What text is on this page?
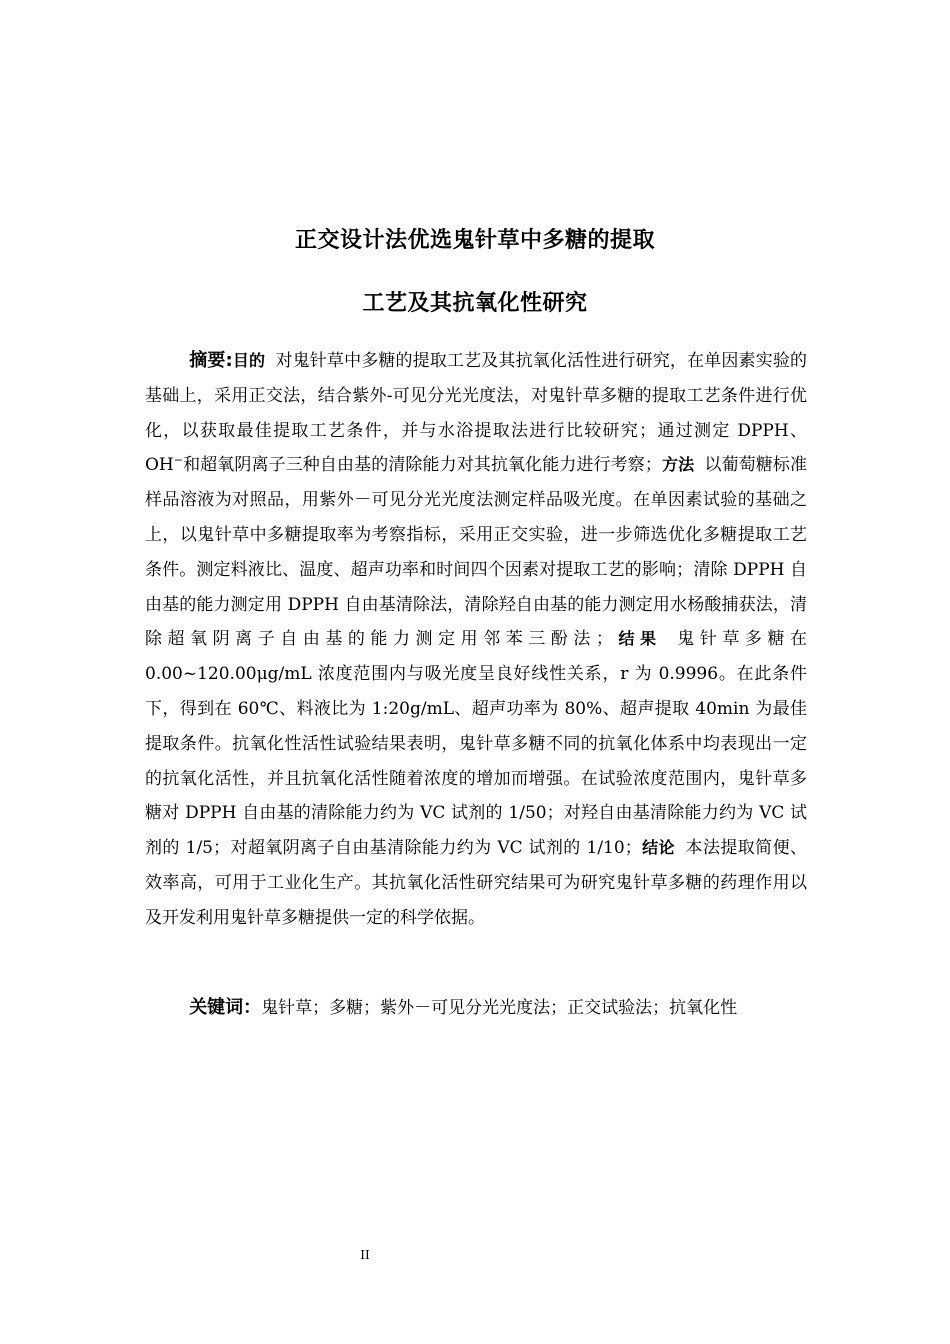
正交设计法优选鬼针草中多糖的提取
工艺及其抗氧化性研究

摘要:目的 对鬼针草中多糖的提取工艺及其抗氧化活性进行研究，在单因素实验的基础上，采用正交法，结合紫外-可见分光光度法，对鬼针草多糖的提取工艺条件进行优化，以获取最佳提取工艺条件，并与水浴提取法进行比较研究；通过测定 DPPH、OH−和超氧阴离子三种自由基的清除能力对其抗氧化能力进行考察；方法 以葡萄糖标准样品溶液为对照品，用紫外－可见分光光度法测定样品吸光度。在单因素试验的基础之上，以鬼针草中多糖提取率为考察指标，采用正交实验，进一步筛选优化多糖提取工艺条件。测定料液比、温度、超声功率和时间四个因素对提取工艺的影响；清除 DPPH 自由基的能力测定用 DPPH 自由基清除法，清除羟自由基的能力测定用水杨酸捕获法，清除超氧阴离子自由基的能力测定用邻苯三酚法；结果 鬼针草多糖在 0.00~120.00μg/mL 浓度范围内与吸光度呈良好线性关系，r 为 0.9996。在此条件下，得到在 60℃、料液比为 1:20g/mL、超声功率为 80%、超声提取 40min 为最佳提取条件。抗氧化性活性试验结果表明，鬼针草多糖不同的抗氧化体系中均表现出一定的抗氧化活性，并且抗氧化活性随着浓度的增加而增强。在试验浓度范围内，鬼针草多糖对 DPPH 自由基的清除能力约为 VC 试剂的 1/50；对羟自由基清除能力约为 VC 试剂的 1/5；对超氧阴离子自由基清除能力约为 VC 试剂的 1/10；结论 本法提取简便、效率高，可用于工业化生产。其抗氧化活性研究结果可为研究鬼针草多糖的药理作用以及开发利用鬼针草多糖提供一定的科学依据。

关键词：鬼针草；多糖；紫外－可见分光光度法；正交试验法；抗氧化性

II
